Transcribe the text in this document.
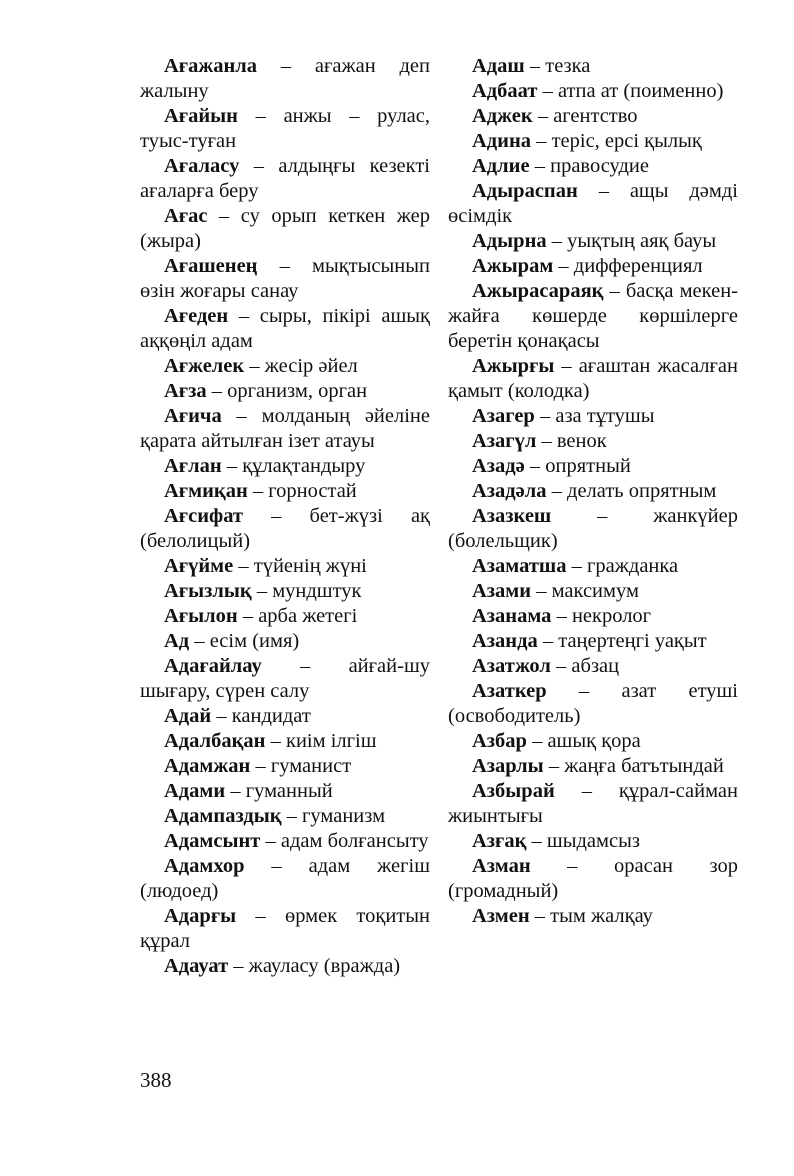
Ағажанла – ағажан деп жалыну

Ағайын – анжы – рулас, туыс-туған

Ағаласу – алдыңғы кезекті ағаларға беру

Ағас – су орып кеткен жер (жыра)

Ағашенең – мықтысынып өзін жоғары санау

Ағеден – сыры, пікірі ашық аққөңіл адам

Ағжелек – жесір әйел

Ағза – организм, орган

Ағича – молданың әйеліне қарата айтылған ізет атауы

Ағлан – құлақтандыру

Ағмиқан – горностай

Ағсифат – бет-жүзі ақ (белолицый)

Ағүйме – түйенің жүні

Ағызлық – мундштук

Ағылон – арба жетегі

Ад – есім (имя)

Адағайлау – айғай-шу шығару, сүрен салу

Адай – кандидат

Адалбақан – киім ілгіш

Адамжан – гуманист

Адами – гуманный

Адампаздық – гуманизм

Адамсынт – адам болғансыту

Адамхор – адам жегіш (людоед)

Адарғы – өрмек тоқитын құрал

Адауат – жауласу (вражда)

Адаш – тезка

Адбаат – атпа ат (поименно)

Аджек – агентство

Адина – теріс, ерсі қылық

Адлие – правосудие

Адыраспан – ащы дәмді өсімдік

Адырна – уықтың аяқ бауы

Ажырам – дифференциял

Ажырасараяқ – басқа мекен-жайға көшерде көршілерге беретін қонақасы

Ажырғы – ағаштан жасалған қамыт (колодка)

Азагер – аза тұтушы

Азагүл – венок

Азадә – опрятный

Азадәла – делать опрятным

Азазкеш – жанкүйер (болельщик)

Азаматша – гражданка

Азами – максимум

Азанама – некролог

Азанда – таңертеңгі уақыт

Азатжол – абзац

Азаткер – азат етуші (освободитель)

Азбар – ашық қора

Азарлы – жаңға батътындай

Азбырай – құрал-сайман жиынтығы

Азғақ – шыдамсыз

Азман – орасан зор (громадный)

Азмен – тым жалқау

388
